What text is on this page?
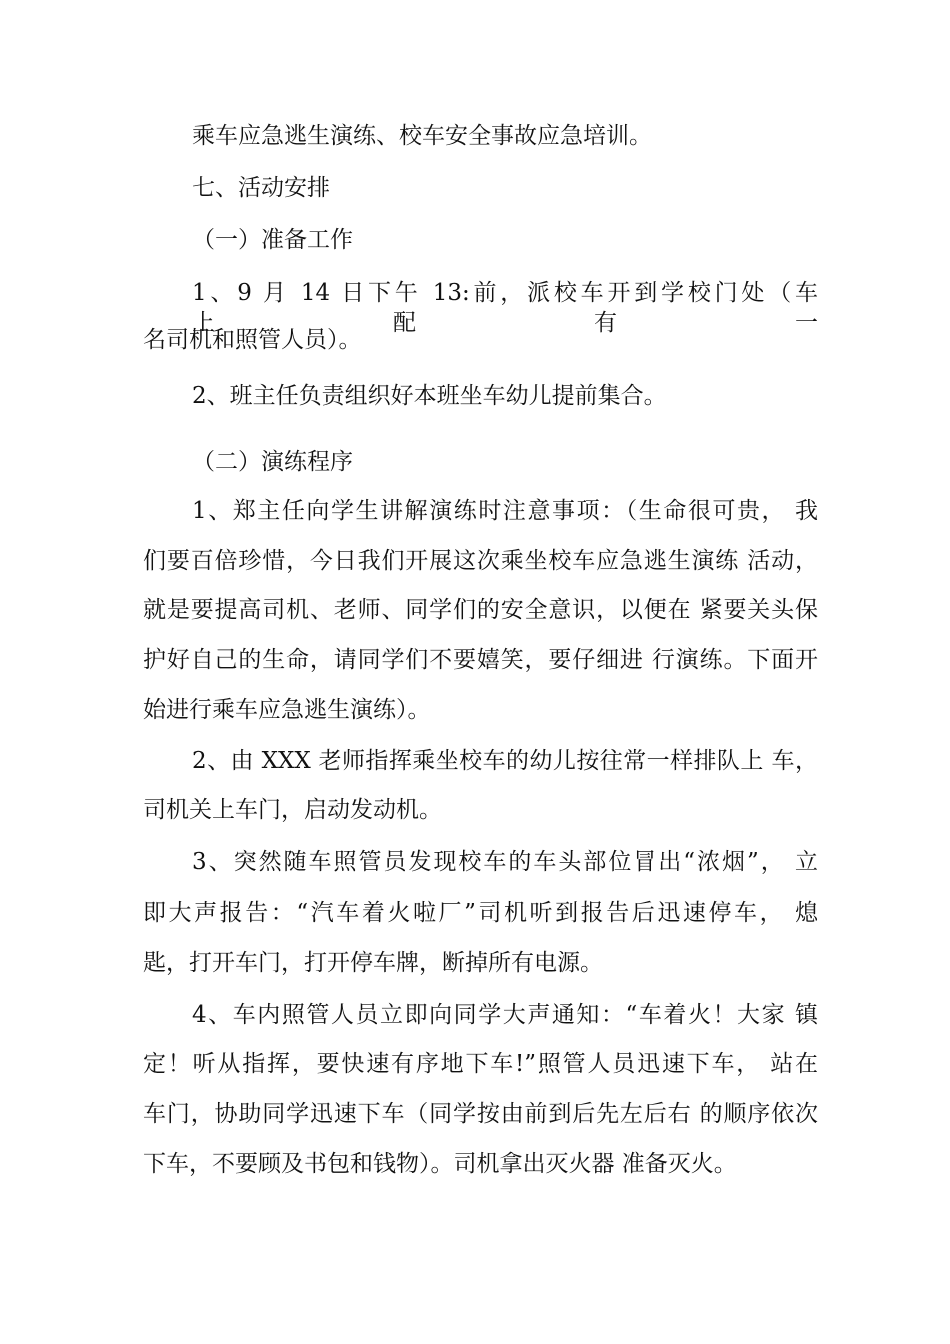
乘车应急逃生演练、校车安全事故应急培训。

七、活动安排

（一）准备工作

1、9 月 14 日下午 13:前，派校车开到学校门处（车 上配有一

名司机和照管人员）。

2、班主任负责组织好本班坐车幼儿提前集合。

（二）演练程序

1、郑主任向学生讲解演练时注意事项：（生命很可贵， 我

们要百倍珍惜，今日我们开展这次乘坐校车应急逃生演练 活动，

就是要提高司机、老师、同学们的安全意识，以便在 紧要关头保

护好自己的生命，请同学们不要嬉笑，要仔细进 行演练。下面开

始进行乘车应急逃生演练）。

2、由 XXX 老师指挥乘坐校车的幼儿按往常一样排队上 车，

司机关上车门，启动发动机。

3、突然随车照管员发现校车的车头部位冒出“浓烟”， 立

即大声报告：“汽车着火啦厂”司机听到报告后迅速停车， 熄

匙，打开车门，打开停车牌，断掉所有电源。

4、车内照管人员立即向同学大声通知：“车着火！大家 镇

定！听从指挥，要快速有序地下车!”照管人员迅速下车， 站在

车门，协助同学迅速下车（同学按由前到后先左后右 的顺序依次

下车，不要顾及书包和钱物）。司机拿出灭火器 准备灭火。
